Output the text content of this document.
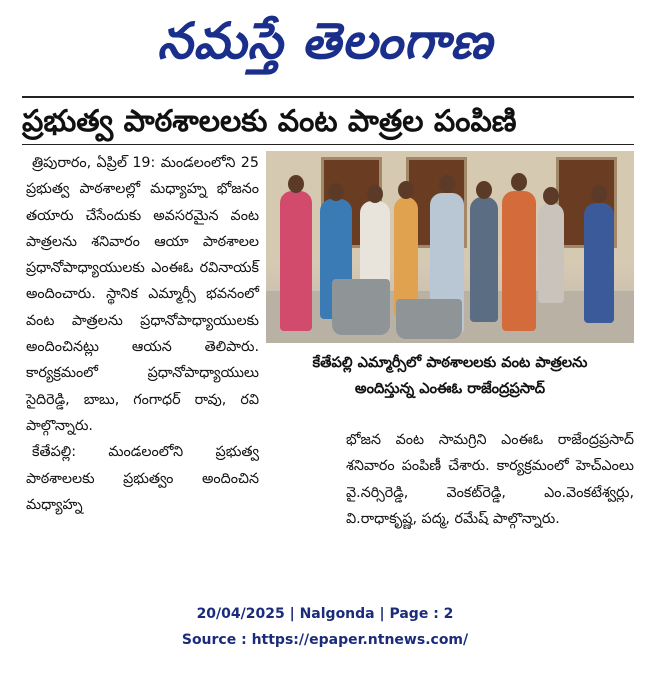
నమస్తే తెలంగాణ
ప్రభుత్వ పాఠశాలలకు వంట పాత్రల పంపిణి

త్రిపురారం, ఏప్రిల్ 19: మండలంలోని 25 ప్రభుత్వ పాఠశాలల్లో మధ్యాహ్న భోజనం తయారు చేసేందుకు అవసరమైన వంట పాత్రలను శనివారం ఆయా పాఠశాలల ప్రధానోపాధ్యాయులకు ఎంఈఓ రవినాయక్ అందించారు. స్థానిక ఎమ్మార్సీ భవనంలో వంట పాత్రలను ప్రధానోపాధ్యాయులకు అందించినట్లు ఆయన తెలిపారు. కార్యక్రమంలో ప్రధానోపాధ్యాయులు సైదిరెడ్డి, బాబు, గంగాధర్ రావు, రవి పాల్గొన్నారు.

కేతేపల్లి: మండలంలోని ప్రభుత్వ పాఠశాలలకు ప్రభుత్వం అందించిన మధ్యాహ్న

కేతేపల్లి ఎమ్మార్సీలో పాఠశాలలకు వంట పాత్రలను
అందిస్తున్న ఎంఈఓ రాజేంద్రప్రసాద్

భోజన వంట సామగ్రిని ఎంఈఓ రాజేంద్రప్రసాద్ శనివారం పంపిణీ చేశారు. కార్యక్రమంలో హెచ్ఎంలు వై.నర్సిరెడ్డి, వెంకట్‌రెడ్డి, ఎం.వెంకటేశ్వర్లు, వి.రాధాకృష్ణ, పద్మ, రమేష్ పాల్గొన్నారు.

20/04/2025 | Nalgonda | Page : 2
Source : https://epaper.ntnews.com/
